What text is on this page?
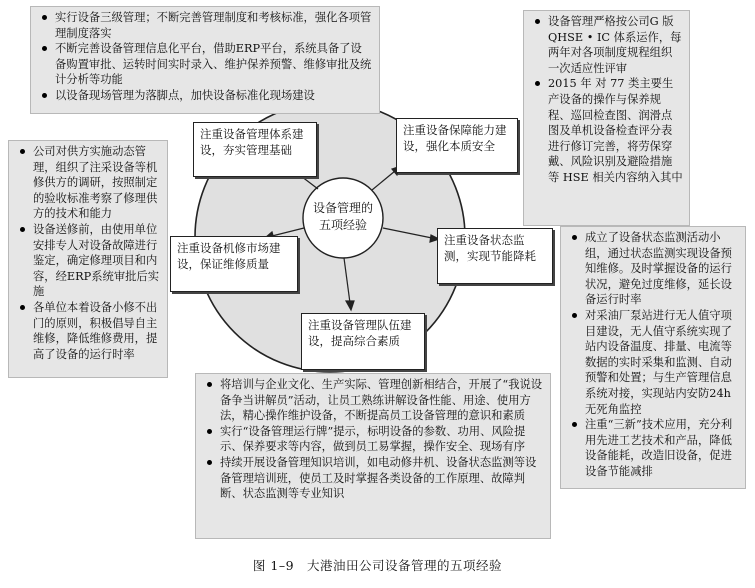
设备管理的
五项经验
注重设备管理体系建设，夯实管理基础
注重设备保障能力建设，强化本质安全
注重设备状态监测，实现节能降耗
注重设备机修市场建设，保证维修质量
注重设备管理队伍建设，提高综合素质
实行设备三级管理；不断完善管理制度和考核标准，强化各项管理制度落实
不断完善设备管理信息化平台，借助ERP平台，系统具备了设备购置审批、运转时间实时录入、维护保养预警、维修审批及统计分析等功能
以设备现场管理为落脚点，加快设备标准化现场建设
设备管理严格按公司G 版 QHSE • IC 体系运作，每两年对各项制度规程组织一次适应性评审
2015 年 对 77 类主要生产设备的操作与保养规程、巡回检查图、润滑点图及单机设备检查评分表进行修订完善，将劳保穿戴、风险识别及避险措施等 HSE 相关内容纳入其中
公司对供方实施动态管理，组织了注采设备等机修供方的调研，按照制定的验收标准考察了修理供方的技术和能力
设备送修前，由使用单位安排专人对设备故障进行鉴定，确定修理项目和内容，经ERP系统审批后实施
各单位本着设备小修不出门的原则，积极倡导自主维修，降低维修费用，提高了设备的运行时率
成立了设备状态监测活动小组，通过状态监测实现设备预知维修。及时掌握设备的运行状况，避免过度维修，延长设备运行时率
对采油厂泵站进行无人值守项目建设，无人值守系统实现了站内设备温度、排量、电流等数据的实时采集和监测、自动预警和处置；与生产管理信息系统对接，实现站内安防24h无死角监控
注重“三新”技术应用，充分利用先进工艺技术和产品，降低设备能耗，改造旧设备，促进设备节能减排
将培训与企业文化、生产实际、管理创新相结合，开展了“我说设备争当讲解员”活动，让员工熟练讲解设备性能、用途、使用方法，精心操作维护设备，不断提高员工设备管理的意识和素质
实行“设备管理运行牌”提示，标明设备的参数、功用、风险提示、保养要求等内容，做到员工易掌握，操作安全、现场有序
持续开展设备管理知识培训，如电动修井机、设备状态监测等设备管理培训班，使员工及时掌握各类设备的工作原理、故障判断、状态监测等专业知识
图 1–9　大港油田公司设备管理的五项经验
